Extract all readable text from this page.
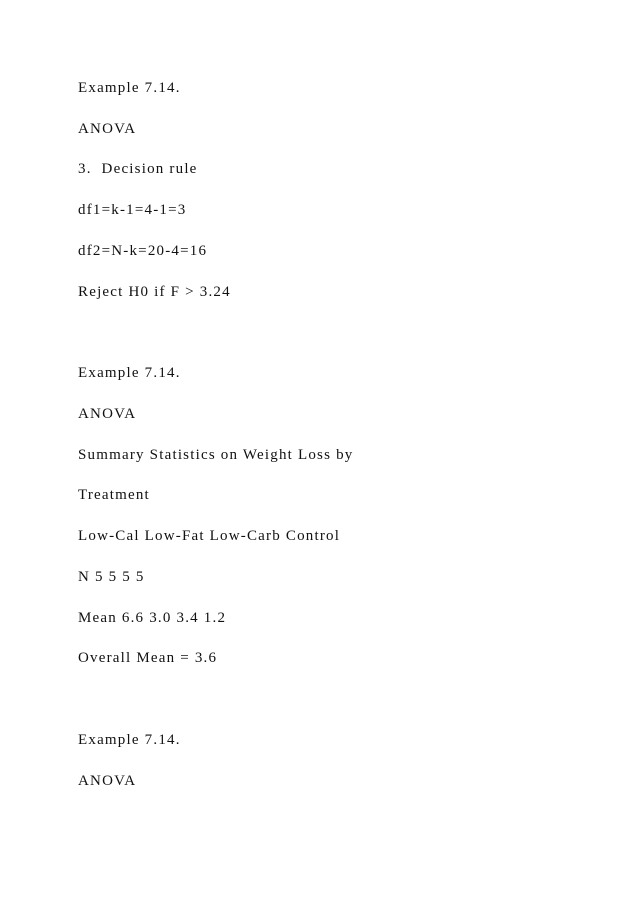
Example 7.14.

ANOVA

3.  Decision rule

df1=k-1=4-1=3

df2=N-k=20-4=16

Reject H0 if F > 3.24

Example 7.14.

ANOVA

Summary Statistics on Weight Loss by

Treatment

Low-Cal Low-Fat Low-Carb Control

N 5 5 5 5

Mean 6.6 3.0 3.4 1.2

Overall Mean = 3.6

Example 7.14.

ANOVA
